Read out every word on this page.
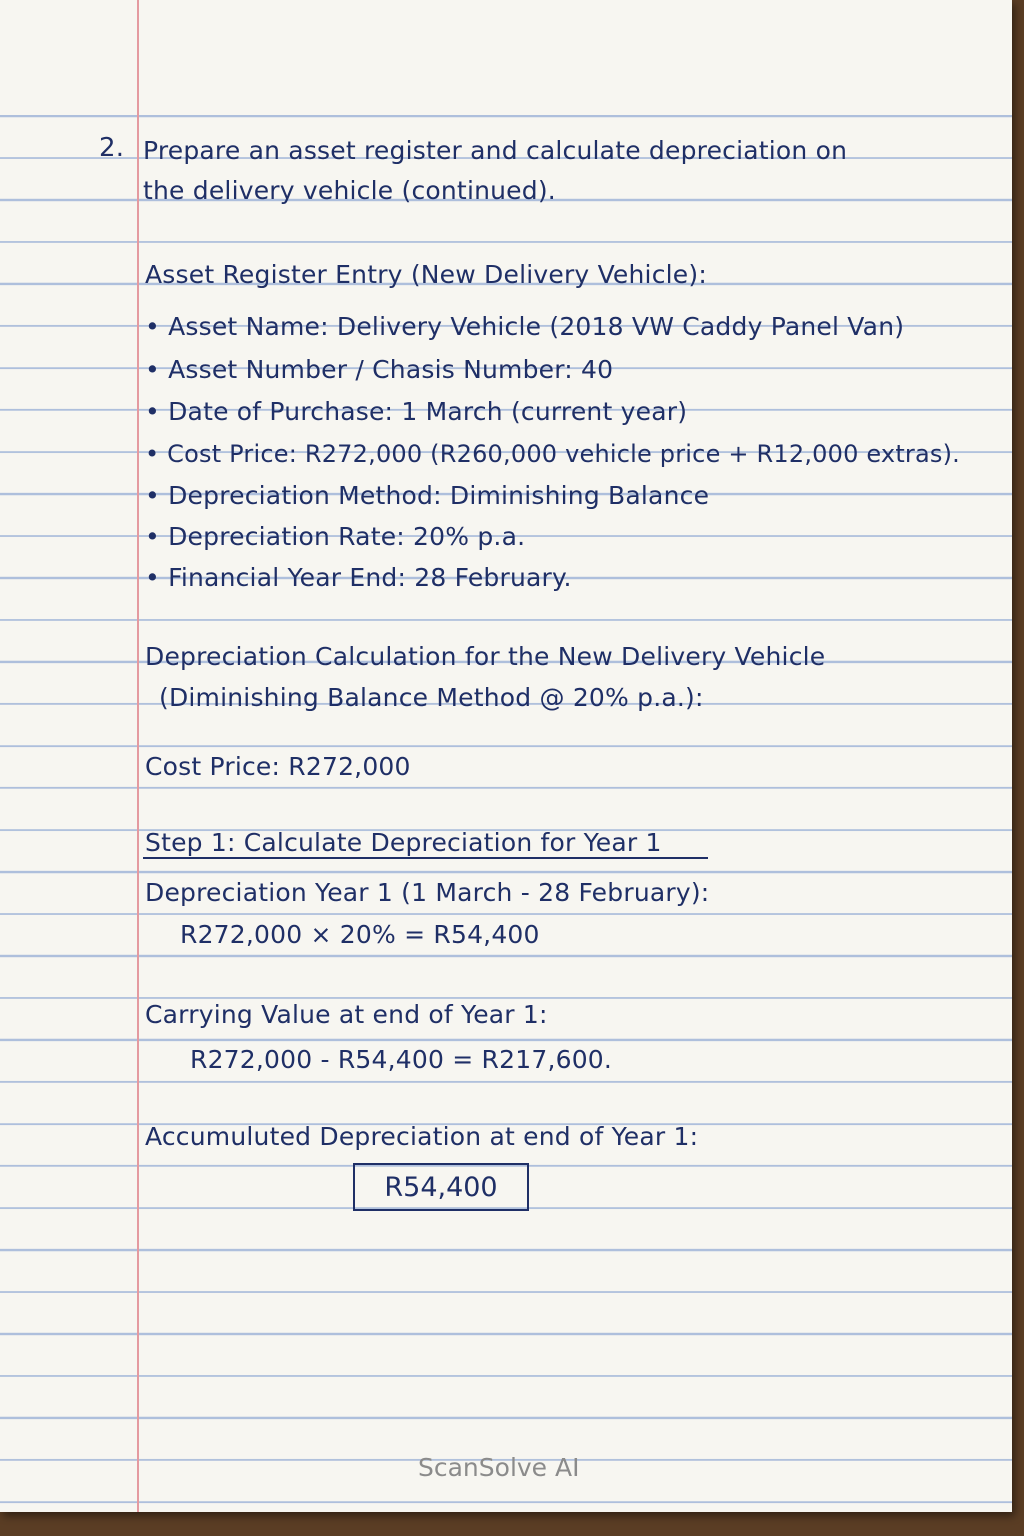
2. Prepare an asset register and calculate depreciation on
the delivery vehicle (continued).
Asset Register Entry (New Delivery Vehicle):
• Asset Name: Delivery Vehicle (2018 VW Caddy Panel Van)
• Asset Number / Chasis Number: 40
• Date of Purchase: 1 March (current year)
• Cost Price: R272,000 (R260,000 vehicle price + R12,000 extras).
• Depreciation Method: Diminishing Balance
• Depreciation Rate: 20% p.a.
• Financial Year End: 28 February.
Depreciation Calculation for the New Delivery Vehicle
(Diminishing Balance Method @ 20% p.a.):
Cost Price: R272,000
Step 1: Calculate Depreciation for Year 1
Depreciation Year 1 (1 March - 28 February):
R272,000 × 20% = R54,400
Carrying Value at end of Year 1:
R272,000 - R54,400 = R217,600.
Accumuluted Depreciation at end of Year 1:
R54,400
ScanSolve AI
